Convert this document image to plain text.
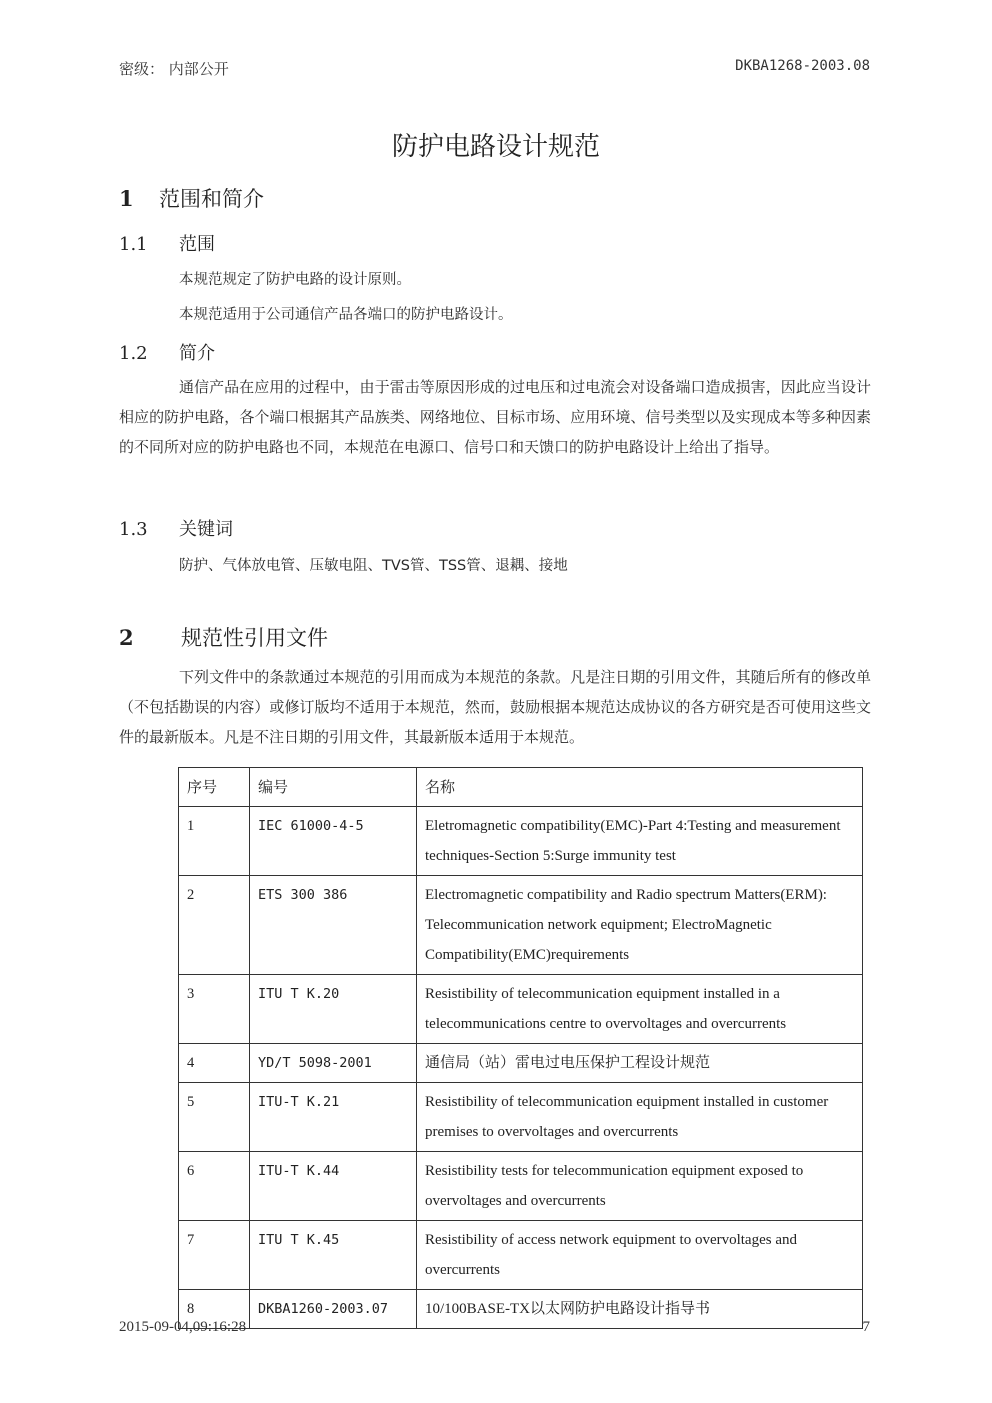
密级： 内部公开	DKBA1268-2003.08
防护电路设计规范
1 范围和简介
1.1 范围
本规范规定了防护电路的设计原则。
本规范适用于公司通信产品各端口的防护电路设计。
1.2 简介
通信产品在应用的过程中，由于雷击等原因形成的过电压和过电流会对设备端口造成损害，因此应当设计相应的防护电路，各个端口根据其产品族类、网络地位、目标市场、应用环境、信号类型以及实现成本等多种因素的不同所对应的防护电路也不同，本规范在电源口、信号口和天馈口的防护电路设计上给出了指导。
1.3 关键词
防护、气体放电管、压敏电阻、TVS管、TSS管、退耦、接地
2 规范性引用文件
下列文件中的条款通过本规范的引用而成为本规范的条款。凡是注日期的引用文件，其随后所有的修改单（不包括勘误的内容）或修订版均不适用于本规范，然而，鼓励根据本规范达成协议的各方研究是否可使用这些文件的最新版本。凡是不注日期的引用文件，其最新版本适用于本规范。
序号	编号	名称
1	IEC 61000-4-5	Eletromagnetic compatibility(EMC)-Part 4:Testing and measurement techniques-Section 5:Surge immunity test
2	ETS 300 386	Electromagnetic compatibility and Radio spectrum Matters(ERM): Telecommunication network equipment; ElectroMagnetic Compatibility(EMC)requirements
3	ITU T K.20	Resistibility of telecommunication equipment installed in a telecommunications centre to overvoltages and overcurrents
4	YD/T 5098-2001	通信局（站）雷电过电压保护工程设计规范
5	ITU-T K.21	Resistibility of telecommunication equipment installed in customer premises to overvoltages and overcurrents
6	ITU-T K.44	Resistibility tests for telecommunication equipment exposed to overvoltages and overcurrents
7	ITU T K.45	Resistibility of access network equipment to overvoltages and overcurrents
8	DKBA1260-2003.07	10/100BASE-TX以太网防护电路设计指导书
2015-09-04,09:16:28	7
